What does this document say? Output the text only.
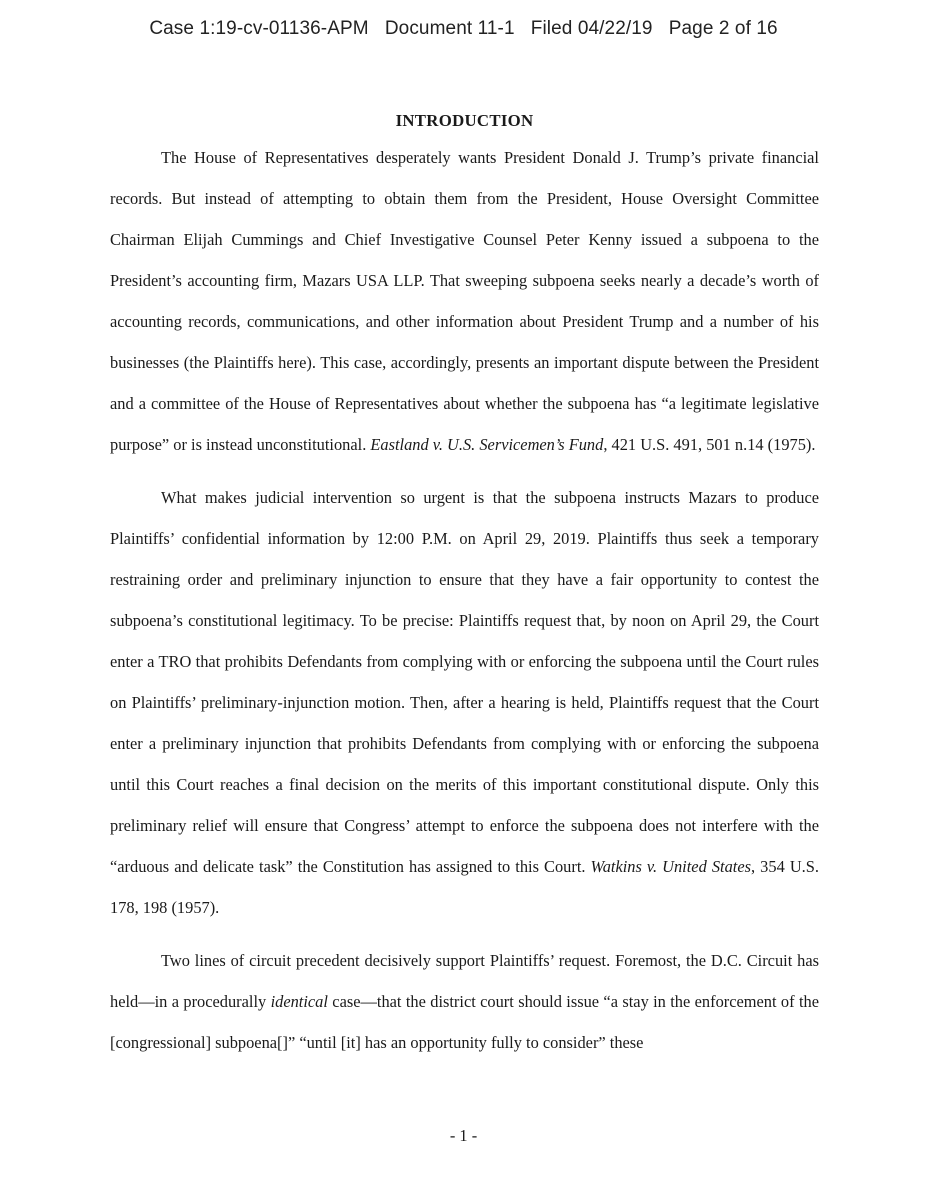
Case 1:19-cv-01136-APM   Document 11-1   Filed 04/22/19   Page 2 of 16
INTRODUCTION

The House of Representatives desperately wants President Donald J. Trump’s private financial records. But instead of attempting to obtain them from the President, House Oversight Committee Chairman Elijah Cummings and Chief Investigative Counsel Peter Kenny issued a subpoena to the President’s accounting firm, Mazars USA LLP. That sweeping subpoena seeks nearly a decade’s worth of accounting records, communications, and other information about President Trump and a number of his businesses (the Plaintiffs here). This case, accordingly, presents an important dispute between the President and a committee of the House of Representatives about whether the subpoena has “a legitimate legislative purpose” or is instead unconstitutional. Eastland v. U.S. Servicemen’s Fund, 421 U.S. 491, 501 n.14 (1975).

What makes judicial intervention so urgent is that the subpoena instructs Mazars to produce Plaintiffs’ confidential information by 12:00 P.M. on April 29, 2019. Plaintiffs thus seek a temporary restraining order and preliminary injunction to ensure that they have a fair opportunity to contest the subpoena’s constitutional legitimacy. To be precise: Plaintiffs request that, by noon on April 29, the Court enter a TRO that prohibits Defendants from complying with or enforcing the subpoena until the Court rules on Plaintiffs’ preliminary-injunction motion. Then, after a hearing is held, Plaintiffs request that the Court enter a preliminary injunction that prohibits Defendants from complying with or enforcing the subpoena until this Court reaches a final decision on the merits of this important constitutional dispute. Only this preliminary relief will ensure that Congress’ attempt to enforce the subpoena does not interfere with the “arduous and delicate task” the Constitution has assigned to this Court. Watkins v. United States, 354 U.S. 178, 198 (1957).

Two lines of circuit precedent decisively support Plaintiffs’ request. Foremost, the D.C. Circuit has held—in a procedurally identical case—that the district court should issue “a stay in the enforcement of the [congressional] subpoena[]” “until [it] has an opportunity fully to consider” these

- 1 -
